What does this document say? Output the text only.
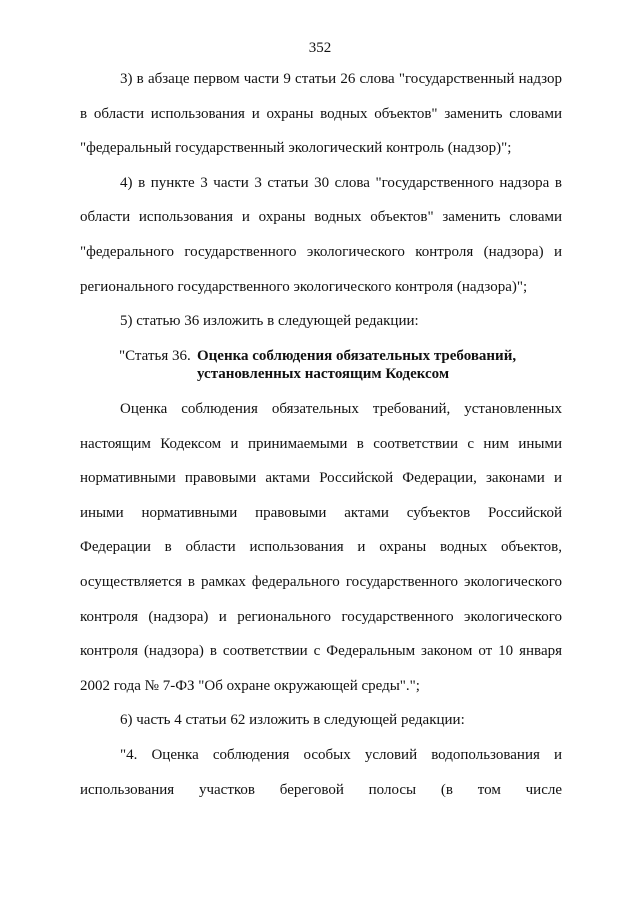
352

3) в абзаце первом части 9 статьи 26 слова "государственный надзор в области использования и охраны водных объектов" заменить словами "федеральный государственный экологический контроль (надзор)";

4) в пункте 3 части 3 статьи 30 слова "государственного надзора в области использования и охраны водных объектов" заменить словами "федерального государственного экологического контроля (надзора) и регионального государственного экологического контроля (надзора)";

5) статью 36 изложить в следующей редакции:

"Статья 36. Оценка соблюдения обязательных требований, установленных настоящим Кодексом

Оценка соблюдения обязательных требований, установленных настоящим Кодексом и принимаемыми в соответствии с ним иными нормативными правовыми актами Российской Федерации, законами и иными нормативными правовыми актами субъектов Российской Федерации в области использования и охраны водных объектов, осуществляется в рамках федерального государственного экологического контроля (надзора) и регионального государственного экологического контроля (надзора) в соответствии с Федеральным законом от 10 января 2002 года № 7-ФЗ "Об охране окружающей среды".";

6) часть 4 статьи 62 изложить в следующей редакции:

"4. Оценка соблюдения особых условий водопользования и использования участков береговой полосы (в том числе
